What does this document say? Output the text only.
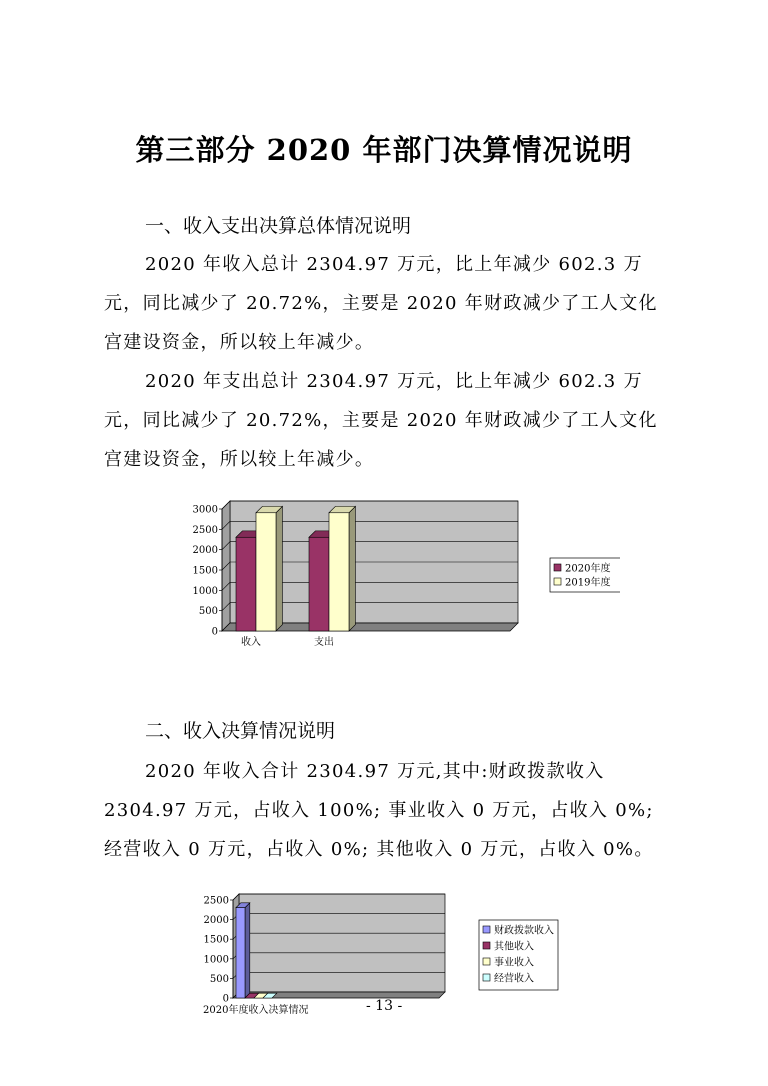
第三部分 2020 年部门决算情况说明
一、收入支出决算总体情况说明
2020 年收入总计 2304.97 万元，比上年减少 602.3 万元，同比减少了 20.72%，主要是 2020 年财政减少了工人文化宫建设资金，所以较上年减少。
2020 年支出总计 2304.97 万元，比上年减少 602.3 万元，同比减少了 20.72%，主要是 2020 年财政减少了工人文化宫建设资金，所以较上年减少。
0
500
1000
1500
2000
2500
3000
收入	支出
2020年度
2019年度
二、收入决算情况说明
2020 年收入合计 2304.97 万元,其中:财政拨款收入 2304.97 万元，占收入 100%; 事业收入 0 万元，占收入 0%; 经营收入 0 万元，占收入 0%; 其他收入 0 万元，占收入 0%。
0
500
1000
1500
2000
2500
财政拨款收入
其他收入
事业收入
经营收入
2020年度收入决算情况	- 13 -
